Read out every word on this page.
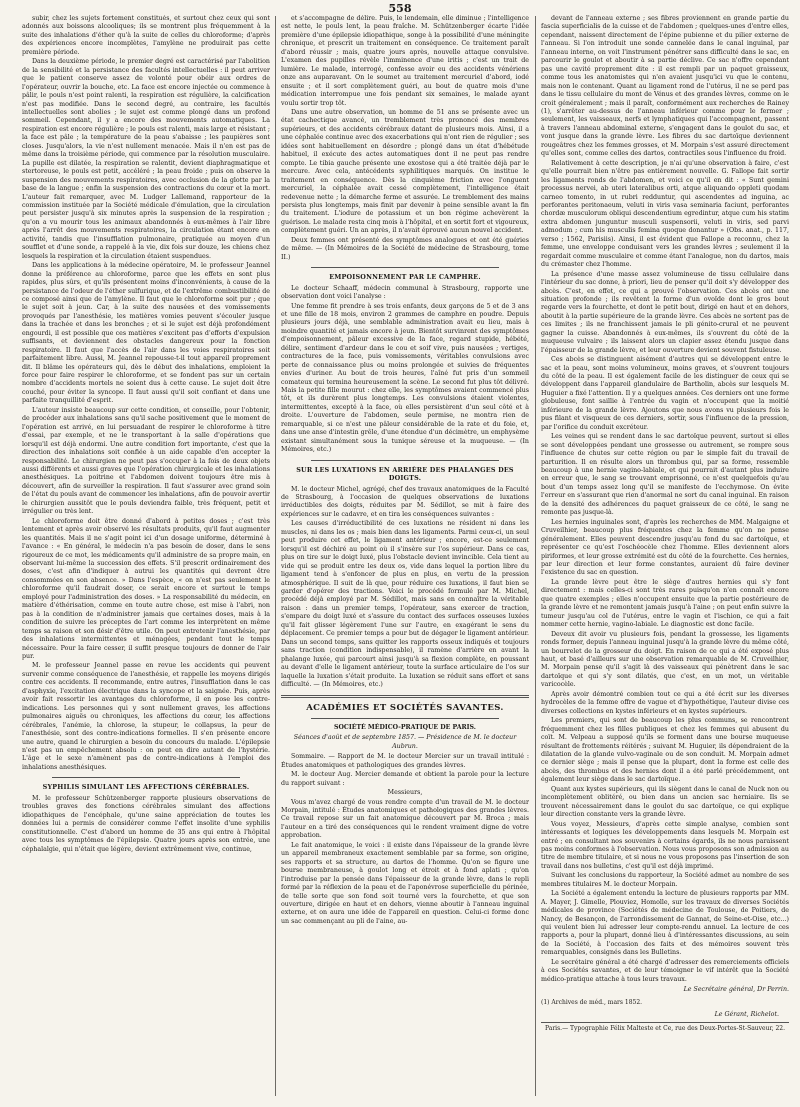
558

subir, chez les sujets fortement constitués, et surtout chez ceux qui sont adonnés aux boissons alcooliques; ils se montrent plus fréquemment à la suite des inhalations d'éther qu'à la suite de celles du chloroforme; d'après des expériences encore incomplètes, l'amylène ne produirait pas cette première période.

Dans la deuxième période, le premier degré est caractérisé par l'abolition de la sensibilité et la persistance des facultés intellectuelles : il peut arriver que le patient conserve assez de volonté pour obéir aux ordres de l'opérateur, ouvrir la bouche, etc. La face est encore injectée ou commence à pâlir, le pouls n'est point ralenti, la respiration est régulière, la calcification n'est pas modifiée. Dans le second degré, au contraire, les facultés intellectuelles sont abolies ; le sujet est comme plongé dans un profond sommeil. Cependant, il y a encore des mouvements automatiques. La respiration est encore régulière ; le pouls est ralenti, mais large et résistant ; la face est pâle ; la température de la peau s'abaisse ; les paupières sont closes. Jusqu'alors, la vie n'est nullement menacée. Mais il n'en est pas de même dans la troisième période, qui commence par la résolution musculaire. La pupille est dilatée, la respiration se ralentit, devient diaphragmatique et stertoreuse, le pouls est petit, accéléré ; la peau froide ; puis on observe la suspension des mouvements respiratoires, avec occlusion de la glotte par la base de la langue ; enfin la suspension des contractions du cœur et la mort. L'auteur fait remarquer, avec M. Ludger Lallemand, rapporteur de la commission instituée par la Société médicale d'émulation, que la circulation peut persister jusqu'à six minutes après la suspension de la respiration ; qu'on a vu mourir tous les animaux abandonnés à eux-mêmes à l'air libre après l'arrêt des mouvements respiratoires, la circulation étant encore en activité, tandis que l'insufflation pulmonaire, pratiquée au moyen d'un soufflet et d'une sonde, a rappelé à la vie, dix fois sur douze, les chiens chez lesquels la respiration et la circulation étaient suspendues.

Dans les applications à la médecine opératoire, M. le professeur Jeannel donne la préférence au chloroforme, parce que les effets en sont plus rapides, plus sûrs, et qu'ils présentent moins d'inconvénients, à cause de la persistance de l'odeur de l'éther sulfurique, et de l'extrême combustibilité de ce composé ainsi que de l'amylène. Il faut que le chloroforme soit pur ; que le sujet soit à jeun. Car, à la suite des nausées et des vomissements provoqués par l'anesthésie, les matières vomies peuvent s'écouler jusque dans la trachée et dans les bronches ; et si le sujet est déjà profondément engourdi, il est possible que ces matières s'excitent pas d'efforts d'expulsion suffisants, et deviennent des obstacles dangereux pour la fonction respiratoire. Il faut que l'accès de l'air dans les voies respiratoires soit parfaitement libre. Aussi, M. Jeannel repousse-t-il tout appareil proprement dit. Il blâme les opérateurs qui, dès le début des inhalations, emploient la force pour faire respirer le chloroforme, et se fondent pas sur un certain nombre d'accidents mortels ne soient dus à cette cause. Le sujet doit être couché, pour éviter la syncope. Il faut aussi qu'il soit confiant et dans une parfaite tranquillité d'esprit.

L'auteur insiste beaucoup sur cette condition, et conseille, pour l'obtenir, de procéder aux inhalations sans qu'il sache positivement que le moment de l'opération est arrivé, en lui persuadant de respirer le chloroforme à titre d'essai, par exemple, et ne le transportant à la salle d'opérations que lorsqu'il est déjà endormi. Une autre condition fort importante, c'est que la direction des inhalations soit confiée à un aide capable d'en accepter la responsabilité. Le chirurgien ne peut pas s'occuper à la fois de deux objets aussi différents et aussi graves que l'opération chirurgicale et les inhalations anesthésiques. La poitrine et l'abdomen doivent toujours être mis à découvert, afin de surveiller la respiration. Il faut s'assurer avec grand soin de l'état du pouls avant de commencer les inhalations, afin de pouvoir avertir le chirurgien aussitôt que le pouls deviendra faible, très fréquent, petit et irrégulier ou très lent.

Le chloroforme doit être donné d'abord à petites doses ; c'est très lentement et après avoir observé les résultats produits, qu'il faut augmenter les quantités. Mais il ne s'agit point ici d'un dosage uniforme, déterminé à l'avance : « En général, le médecin n'a pas besoin de doser, dans le sens rigoureux de ce mot, les médicaments qu'il administre de sa propre main, en observant lui-même la succession des effets. S'il prescrit ordinairement des doses, c'est afin d'indiquer à autrui les quantités qui devront être consommées en son absence. » Dans l'espèce, « on n'est pas seulement le chloroforme qu'il faudrait doser, ce serait encore et surtout le temps employé pour l'administration des doses. » La responsabilité du médecin, en matière d'éthérisation, comme en toute autre chose, est mise à l'abri, non pas à la condition de n'administrer jamais que certaines doses, mais à la condition de suivre les préceptes de l'art comme les interprètent en même temps sa raison et son désir d'être utile. On peut entretenir l'anesthésie, par des inhalations intermittentes et ménagées, pendant tout le temps nécessaire. Pour la faire cesser, il suffit presque toujours de donner de l'air pur.

M. le professeur Jeannel passe en revue les accidents qui peuvent survenir comme conséquence de l'anesthésie, et rappelle les moyens dirigés contre ces accidents. Il recommande, entre autres, l'insufflation dans le cas d'asphyxie, l'excitation électrique dans la syncope et la saignée. Puis, après avoir fait ressortir les avantages du chloroforme, il en pose les contre-indications. Les personnes qui y sont nullement graves, les affections pulmonaires aiguës ou chroniques, les affections du cœur, les affections cérébrales, l'anémie, la chlorose, la stupeur, le collapsus, la peur de l'anesthésie, sont des contre-indications formelles. Il s'en présente encore une autre, quand le chirurgien a besoin du concours du malade. L'épilepsie n'est pas un empêchement absolu : on peut en dire autant de l'hystérie. L'âge et le sexe n'amènent pas de contre-indications à l'emploi des inhalations anesthésiques.

SYPHILIS SIMULANT LES AFFECTIONS CÉRÉBRALES.

M. le professeur Schützenberger rapporte plusieurs observations de troubles graves des fonctions cérébrales simulant des affections idiopathiques de l'encéphale, qu'une saine appréciation de toutes les données lui a permis de considérer comme l'effet insolite d'une syphilis constitutionnelle. C'est d'abord un homme de 35 ans qui entre à l'hôpital avec tous les symptômes de l'épilepsie. Quatre jours après son entrée, une céphalalgie, qui n'était que légère, devient extrêmement vive, continue,

et s'accompagne de délire. Puis, le lendemain, elle diminue ; l'intelligence est nette, le pouls lent, la peau fraîche. M. Schützenberger écarte l'idée première d'une épilepsie idiopathique, songe à la possibilité d'une méningite chronique, et prescrit un traitement en conséquence. Ce traitement paraît d'abord réussir ; mais, quatre jours après, nouvelle attaque convulsive. L'examen des pupilles révèle l'imminence d'une iritis ; c'est un trait de lumière. Le malade, interrogé, confesse avoir eu des accidents vénériens onze ans auparavant. On le soumet au traitement mercuriel d'abord, iodé ensuite ; et il sort complètement guéri, au bout de quatre mois d'une médication interrompue une fois pendant six semaines, le malade ayant voulu sortir trop tôt.

Dans une autre observation, un homme de 51 ans se présente avec un état cachectique avancé, un tremblement très prononcé des membres supérieurs, et des accidents cérébraux datant de plusieurs mois. Ainsi, il a une céphalée continue avec des exacerbations qui n'ont rien de régulier ; ses idées sont habituellement en désordre ; plongé dans un état d'hébétude habituel, il exécute des actes automatiques dont il ne peut pas rendre compte. Le tibia gauche présente une exostose qui a été traitée déjà par le mercure. Avec cela, antécédents syphilitiques marqués. On institue le traitement en conséquence. Dès la cinquième friction avec l'onguent mercuriel, la céphalée avait cessé complètement, l'intelligence était redevenue nette ; la démarche ferme et assurée. Le tremblement des mains persista plus longtemps, mais finit par devenir à peine sensible avant la fin du traitement. L'iodure de potassium et un bon régime achevèrent la guérison. Le malade resta cinq mois à l'hôpital, et en sortit fort et vigoureux, complètement guéri. Un an après, il n'avait éprouvé aucun nouvel accident.

Deux femmes ont présenté des symptômes analogues et ont été guéries de même. — (In Mémoires de la Société de médecine de Strasbourg, tome II.)

EMPOISONNEMENT PAR LE CAMPHRE.

Le docteur Schaaff, médecin communal à Strasbourg, rapporte une observation dont voici l'analyse :

Une femme fit prendre à ses trois enfants, deux garçons de 5 et de 3 ans et une fille de 18 mois, environ 2 grammes de camphre en poudre. Depuis plusieurs jours déjà, une semblable administration avait eu lieu, mais à moindre quantité et jamais encore à jeun. Bientôt survinrent des symptômes d'empoisonnement, pâleur excessive de la face, regard stupide, hébété, délire, sentiment d'ardeur dans le cou et soif vive, puis nausées ; vertiges, contractures de la face, puis vomissements, véritables convulsions avec perte de connaissance plus ou moins prolongée et suivies de fréquentes envies d'uriner. Au bout de trois heures, l'aîné fut pris d'un sommeil comateux qui termina heureusement la scène. Le second fut plus tôt délivré. Mais la petite fille mourut : chez elle, les symptômes avaient commencé plus tôt, et ils durèrent plus longtemps. Les convulsions étaient violentes, intermittentes, excepté à la face, où elles persistèrent d'un seul côté et à droite. L'ouverture de l'abdomen, seule permise, ne montra rien de remarquable, si ce n'est une pâleur considérable de la rate et du foie, et, dans une anse d'intestin grêle, d'une étendue d'un décimètre, un emphysème existant simultanément sous la tunique séreuse et la muqueuse. — (In Mémoires, etc.)

SUR LES LUXATIONS EN ARRIÈRE DES PHALANGES DES DOIGTS.

M. le docteur Michel, agrégé, chef des travaux anatomiques de la Faculté de Strasbourg, à l'occasion de quelques observations de luxations irréductibles des doigts, réduites par M. Sédillot, se mit à faire des expériences sur le cadavre, et en tira les conséquences suivantes :

Les causes d'irréductibilité de ces luxations ne résident ni dans les muscles, ni dans les os ; mais bien dans les ligaments. Parmi ceux-ci, un seul peut produire cet effet, le ligament antérieur ; encore, est-ce seulement lorsqu'il est déchiré au point où il s'insère sur l'os supérieur. Dans ce cas, plus on tire sur le doigt luxé, plus l'obstacle devient invincible. Cela tient au vide qui se produit entre les deux os, vide dans lequel la portion libre du ligament tend à s'enfoncer de plus en plus, en vertu de la pression atmosphérique. Il suit de là que, pour réduire ces luxations, il faut bien se garder d'opérer des tractions. Voici le procédé formulé par M. Michel, procédé déjà employé par M. Sédillot, mais sans en connaître la véritable raison : dans un premier temps, l'opérateur, sans exercer de traction, s'empare du doigt luxé et s'assure du contact des surfaces osseuses luxées qu'il fait glisser légèrement l'une sur l'autre, en exagérant le sens du déplacement. Ce premier temps a pour but de dégager le ligament antérieur. Dans un second temps, sans quitter les rapports osseux indiqués et toujours sans traction (condition indispensable), il ramène d'arrière en avant la phalange luxée, qui parcourt ainsi jusqu'à sa flexion complète, en poussant au devant d'elle le ligament antérieur, toute la surface articulaire de l'os sur laquelle la luxation s'était produite. La luxation se réduit sans effort et sans difficulté. — (In Mémoires, etc.)

ACADÉMIES ET SOCIÉTÉS SAVANTES.
SOCIÉTÉ MÉDICO-PRATIQUE DE PARIS.
Séances d'août et de septembre 1857. — Présidence de M. le docteur Aubrun.

Sommaire. — Rapport de M. le docteur Mercier sur un travail intitulé : Études anatomiques et pathologiques des grandes lèvres.

M. le docteur Aug. Mercier demande et obtient la parole pour la lecture du rapport suivant :

Messieurs,

Vous m'avez chargé de vous rendre compte d'un travail de M. le docteur Morpain, intitulé : Études anatomiques et pathologiques des grandes lèvres. Ce travail repose sur un fait anatomique découvert par M. Broca ; mais l'auteur en a tiré des conséquences qui le rendent vraiment digne de votre approbation.

Le fait anatomique, le voici : il existe dans l'épaisseur de la grande lèvre un appareil membraneux exactement semblable par sa forme, son origine, ses rapports et sa structure, au dartos de l'homme. Qu'on se figure une bourse membraneuse, à goulot long et étroit et à fond aplati ; qu'on l'introduise par la pensée dans l'épaisseur de la grande lèvre, dans le repli formé par la réflexion de la peau et de l'aponévrose superficielle du périnée, de telle sorte que son fond soit tourné vers la fourchette, et que son ouverture, dirigée en haut et en dehors, vienne aboutir à l'anneau inguinal externe, et on aura une idée de l'appareil en question. Celui-ci forme donc un sac commençant au pli de l'aine, au-

devant de l'anneau externe ; ses fibres proviennent en grande partie du fascia superficialis de la cuisse et de l'abdomen ; quelques-unes d'entre elles, cependant, naissent directement de l'épine pubienne et du pilier externe de l'anneau. Si l'on introduit une sonde cannelée dans le canal inguinal, par l'anneau interne, on voit l'instrument pénétrer sans difficulté dans le sac, en parcourir le goulot et aboutir à sa partie déclive. Ce sac n'offre cependant pas une cavité proprement dite : il est rempli par un paquet graisseux, comme tous les anatomistes qui n'en avaient jusqu'ici vu que le contenu, mais non le contenant. Quant au ligament rond de l'utérus, il ne se perd pas dans le tissu cellulaire du mont de Vénus et des grandes lèvres, comme on le croit généralement ; mais il paraît, conformément aux recherches de Rainey (1), s'arrêter au-dessus de l'anneau inférieur comme pour le fermer ; seulement, les vaisseaux, nerfs et lymphatiques qui l'accompagnent, passent à travers l'anneau abdominal externe, s'engagent dans le goulot du sac, et vont jusque dans la grande lèvre. Les fibres du sac dartoïque deviennent rougeâtres chez les femmes grosses, et M. Morpain s'est assuré directement qu'elles sont, comme celles des dartos, contractiles sous l'influence du froid.

Relativement à cette description, je n'ai qu'une observation à faire, c'est qu'elle pourrait bien n'être pas entièrement nouvelle. G. Fallope fait sortir les ligaments ronds de l'abdomen, et voici ce qu'il en dit : « Sunt gemini processus nervei, ab uteri lateralibus orti, atque aliquando oppleti quodam carneo tomento, in ut rubri redduntur, qui ascendentes ad inguina, ac perforantes peritonaeum, veluti in viris vasa seminaria faciunt, perforantes chordæ musculorum obliqui descendentium egredintur, atque cum his statim extra abdomen junguntur musculi suspensorii, veluti in viris, sed parvi admodum ; cum his musculis femina quoque donantur » (Obs. anat., p. 117, verso ; 1562, Parisiis). Ainsi, il est évident que Fallope a reconnu, chez la femme, une enveloppe conduisant vers les grandes lèvres ; seulement il la regardait comme musculaire et comme étant l'analogue, non du dartos, mais du crémaster chez l'homme.

La présence d'une masse assez volumineuse de tissu cellulaire dans l'intérieur du sac donne, à priori, lieu de penser qu'il doit s'y développer des abcès. C'est, en effet, ce qui a prouvé l'observation. Ces abcès ont une situation profonde ; ils revêtent la forme d'un ovoïde dont le gros bout regarde vers la fourchette, et dont le petit bout, dirigé en haut et en dehors, aboutit à la partie supérieure de la grande lèvre. Ces abcès ne sortent pas de ces limites ; ils ne franchissent jamais le pli génito-crural et ne peuvent gagner la cuisse. Abandonnés à eux-mêmes, ils s'ouvrent du côté de la muqueuse vulvaire ; ils laissent alors un clapier assez étendu jusque dans l'épaisseur de la grande lèvre, et leur ouverture devient souvent fistuleuse.

Ces abcès se distinguent aisément d'autres qui se développent entre le sac et la peau, sont moins volumineux, moins graves, et s'ouvrent toujours du côté de la peau. Il est également facile de les distinguer de ceux qui se développent dans l'appareil glandulaire de Bartholin, abcès sur lesquels M. Huguier a fixé l'attention. Il y a quelques années. Ces derniers ont une forme globuleuse, font saillie à l'entrée du vagin et n'occupent que la moitié inférieure de la grande lèvre. Ajoutons que nous avons vu plusieurs fois le pus filant et visqueux de ces derniers, sortir, sous l'influence de la pression, par l'orifice du conduit excréteur.

Les veines qui se rendent dans le sac dartoïque peuvent, surtout si elles se sont développées pendant une grossesse ou autrement, se rompre sous l'influence de chutes sur cette région ou par le simple fait du travail de parturition. Il en résulte alors un thrombus qui, par sa forme, ressemble beaucoup à une hernie vagino-labiale, et qui pourrait d'autant plus induire en erreur que, le sang se trouvant emprisonné, ce n'est quelquefois qu'au bout d'un temps assez long qu'il se manifeste de l'ecchymose. On évite l'erreur en s'assurant que rien d'anormal ne sort du canal inguinal. En raison de la densité des adhérences du paquet graisseux de ce côté, le sang ne remonte pas jusque-là.

Les hernies inguinales sont, d'après les recherches de MM. Malgaigne et Cruveilhier, beaucoup plus fréquentes chez la femme qu'on ne pense généralement. Elles peuvent descendre jusqu'au fond du sac dartoïque, et représenter ce qu'est l'oschéocèle chez l'homme. Elles deviennent alors piriformes, et leur grosse extrémité est du côté de la fourchette. Ces hernies, par leur direction et leur forme constantes, auraient dû faire deviner l'existence du sac en question.

La grande lèvre peut être le siège d'autres hernies qui s'y font directement : mais celles-ci sont très rares puisqu'on n'en connaît encore que quatre exemples ; elles n'occupent ensuite que la partie postérieure de la grande lèvre et ne remontent jamais jusqu'à l'aine ; on peut enfin suivre la tumeur jusqu'au col de l'utérus, entre le vagin et l'ischion, ce qui a fait nommer cette hernie, vagino-labiale. Le diagnostic est donc facile.

Deveux dit avoir vu plusieurs fois, pendant la grossesse, les ligaments ronds former, depuis l'anneau inguinal jusqu'à la grande lèvre du même côté, un bourrelet de la grosseur du doigt. En raison de ce qui a été exposé plus haut, et basé d'ailleurs sur une observation remarquable de M. Cruveilhier, M. Morpain pense qu'il s'agit là des vaisseaux qui pénètrent dans le sac dartoïque et qui s'y sont dilatés, que c'est, en un mot, un véritable varicocèle.

Après avoir démontré combien tout ce qui a été écrit sur les diverses hydrocèles de la femme offre de vague et d'hypothétique, l'auteur divise ces diverses collections en kystes inférieurs et en kystes supérieurs.

Les premiers, qui sont de beaucoup les plus communs, se rencontrent fréquemment chez les filles publiques et chez les femmes qui abusent du coït. M. Velpeau a supposé qu'ils se forment dans une bourse muqueuse résultant de frottements réitérés ; suivant M. Huguier, ils dépendraient de la dilatation de la glande vulvo-vaginale ou de son conduit. M. Morpain admet ce dernier siège ; mais il pense que la plupart, dont la forme est celle des abcès, des thrombus et des hernies dont il a été parlé précédemment, ont également leur siège dans le sac dartoïque.

Quant aux kystes supérieurs, qui ils siègent dans le canal de Nuck non ou incomplètement oblitéré, ou bien dans un ancien sac herniaire. Ils se trouvent nécessairement dans le goulot du sac dartoïque, ce qui explique leur direction constante vers la grande lèvre.

Vous voyez, Messieurs, d'après cette simple analyse, combien sont intéressants et logiques les développements dans lesquels M. Morpain est entré ; en consultant nos souvenirs à certains égards, ils ne nous paraissent pas moins conformes à l'observation. Nous vous proposons son admission au titre de membre titulaire, et si nous ne vous proposons pas l'insertion de son travail dans nos bulletins, c'est qu'il est déjà imprimé.

Suivant les conclusions du rapporteur, la Société admet au nombre de ses membres titulaires M. le docteur Morpain.

La Société a également entendu la lecture de plusieurs rapports par MM. A. Mayer, J. Gimelle, Plouviez, Homolle, sur les travaux de diverses Sociétés médicales de province (Sociétés de médecine de Toulouse, de Poitiers, de Nancy, de Besançon, de l'arrondissement de Gannat, de Seine-et-Oise, etc...) qui veulent bien lui adresser leur compte-rendu annuel. La lecture de ces rapports a, pour la plupart, donné lieu à d'intéressantes discussions, au sein de la Société, à l'occasion des faits et des mémoires souvent très remarquables, consignés dans les Bulletins.

Le secrétaire général a été chargé d'adresser des remerciements officiels à ces Sociétés savantes, et de leur témoigner le vif intérêt que la Société médico-pratique attache à tous leurs travaux.

Le Secrétaire général, Dr Perrin.
(1) Archives de méd., mars 1852.
Le Gérant, Richelot.
Paris.— Typographie Félix Malteste et Ce, rue des Deux-Portes-St-Sauveur, 22.
